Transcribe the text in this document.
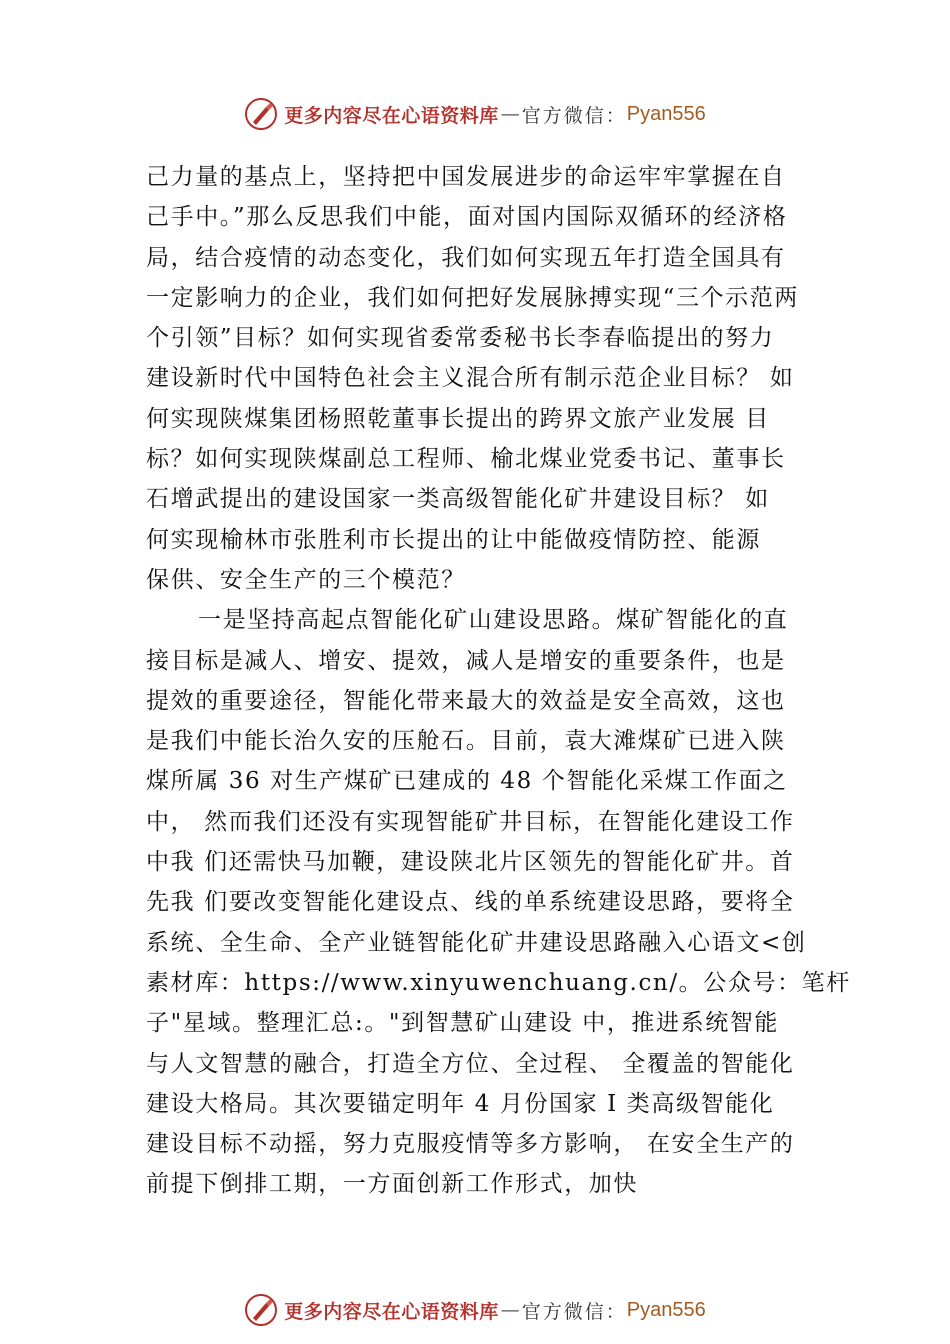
更多内容尽在心语资料库 — 官方微信： Pyan556
己力量的基点上，坚持把中国发展进步的命运牢牢掌握在自
己手中。”那么反思我们中能，面对国内国际双循环的经济格
局，结合疫情的动态变化，我们如何实现五年打造全国具有
一定影响力的企业，我们如何把好发展脉搏实现“三个示范两
个引领”目标？如何实现省委常委秘书长李春临提出的努力
建设新时代中国特色社会主义混合所有制示范企业目标？ 如
何实现陕煤集团杨照乾董事长提出的跨界文旅产业发展 目
标？如何实现陕煤副总工程师、榆北煤业党委书记、董事长
石增武提出的建设国家一类高级智能化矿井建设目标？ 如
何实现榆林市张胜利市长提出的让中能做疫情防控、能源
保供、安全生产的三个模范？
一是坚持高起点智能化矿山建设思路。煤矿智能化的直
接目标是减人、增安、提效，减人是增安的重要条件，也是
提效的重要途径，智能化带来最大的效益是安全高效，这也
是我们中能长治久安的压舱石。目前，袁大滩煤矿已进入陕
煤所属 36 对生产煤矿已建成的 48 个智能化采煤工作面之
中， 然而我们还没有实现智能矿井目标，在智能化建设工作
中我 们还需快马加鞭，建设陕北片区领先的智能化矿井。首
先我 们要改变智能化建设点、线的单系统建设思路，要将全
系统、全生命、全产业链智能化矿井建设思路融入心语文<创
素材库：https://www.xinyuwenchuang.cn/。公众号：笔杆
子"星域。整理汇总:。"到智慧矿山建设 中，推进系统智能
与人文智慧的融合，打造全方位、全过程、 全覆盖的智能化
建设大格局。其次要锚定明年 4 月份国家 I 类高级智能化
建设目标不动摇，努力克服疫情等多方影响， 在安全生产的
前提下倒排工期，一方面创新工作形式，加快
更多内容尽在心语资料库 — 官方微信： Pyan556
